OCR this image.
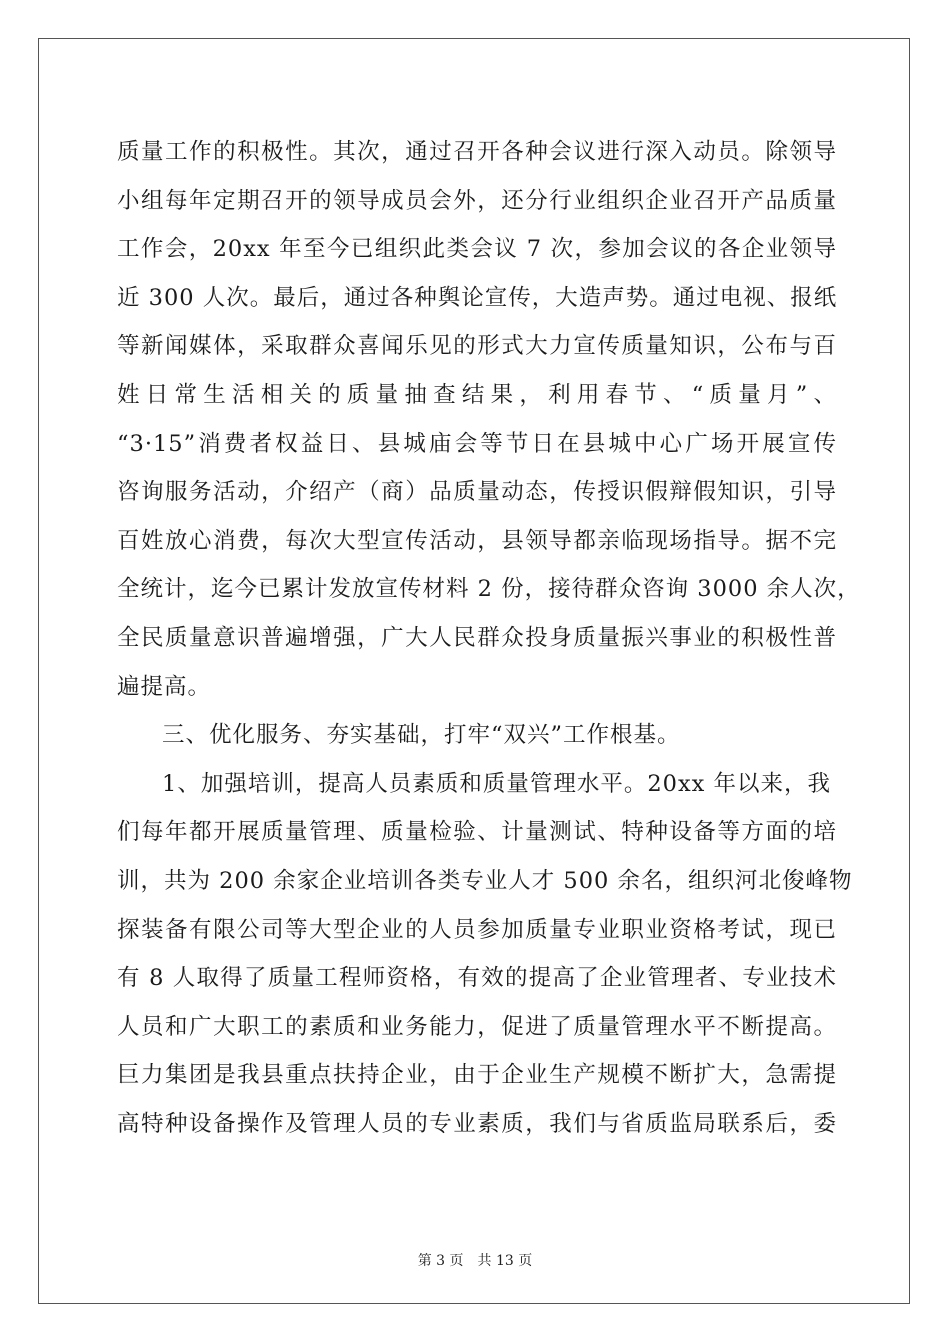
质量工作的积极性。其次，通过召开各种会议进行深入动员。除领导

小组每年定期召开的领导成员会外，还分行业组织企业召开产品质量

工作会，20xx 年至今已组织此类会议 7 次，参加会议的各企业领导

近 300 人次。最后，通过各种舆论宣传，大造声势。通过电视、报纸

等新闻媒体，采取群众喜闻乐见的形式大力宣传质量知识，公布与百

姓日常生活相关的质量抽查结果，利用春节、“质量月”、

“3·15”消费者权益日、县城庙会等节日在县城中心广场开展宣传

咨询服务活动，介绍产（商）品质量动态，传授识假辩假知识，引导

百姓放心消费，每次大型宣传活动，县领导都亲临现场指导。据不完

全统计，迄今已累计发放宣传材料 2 份，接待群众咨询 3000 余人次，

全民质量意识普遍增强，广大人民群众投身质量振兴事业的积极性普

遍提高。

三、优化服务、夯实基础，打牢“双兴”工作根基。

1、加强培训，提高人员素质和质量管理水平。20xx 年以来，我

们每年都开展质量管理、质量检验、计量测试、特种设备等方面的培

训，共为 200 余家企业培训各类专业人才 500 余名，组织河北俊峰物

探装备有限公司等大型企业的人员参加质量专业职业资格考试，现已

有 8 人取得了质量工程师资格，有效的提高了企业管理者、专业技术

人员和广大职工的素质和业务能力，促进了质量管理水平不断提高。

巨力集团是我县重点扶持企业，由于企业生产规模不断扩大，急需提

高特种设备操作及管理人员的专业素质，我们与省质监局联系后，委

第 3 页　共 13 页
